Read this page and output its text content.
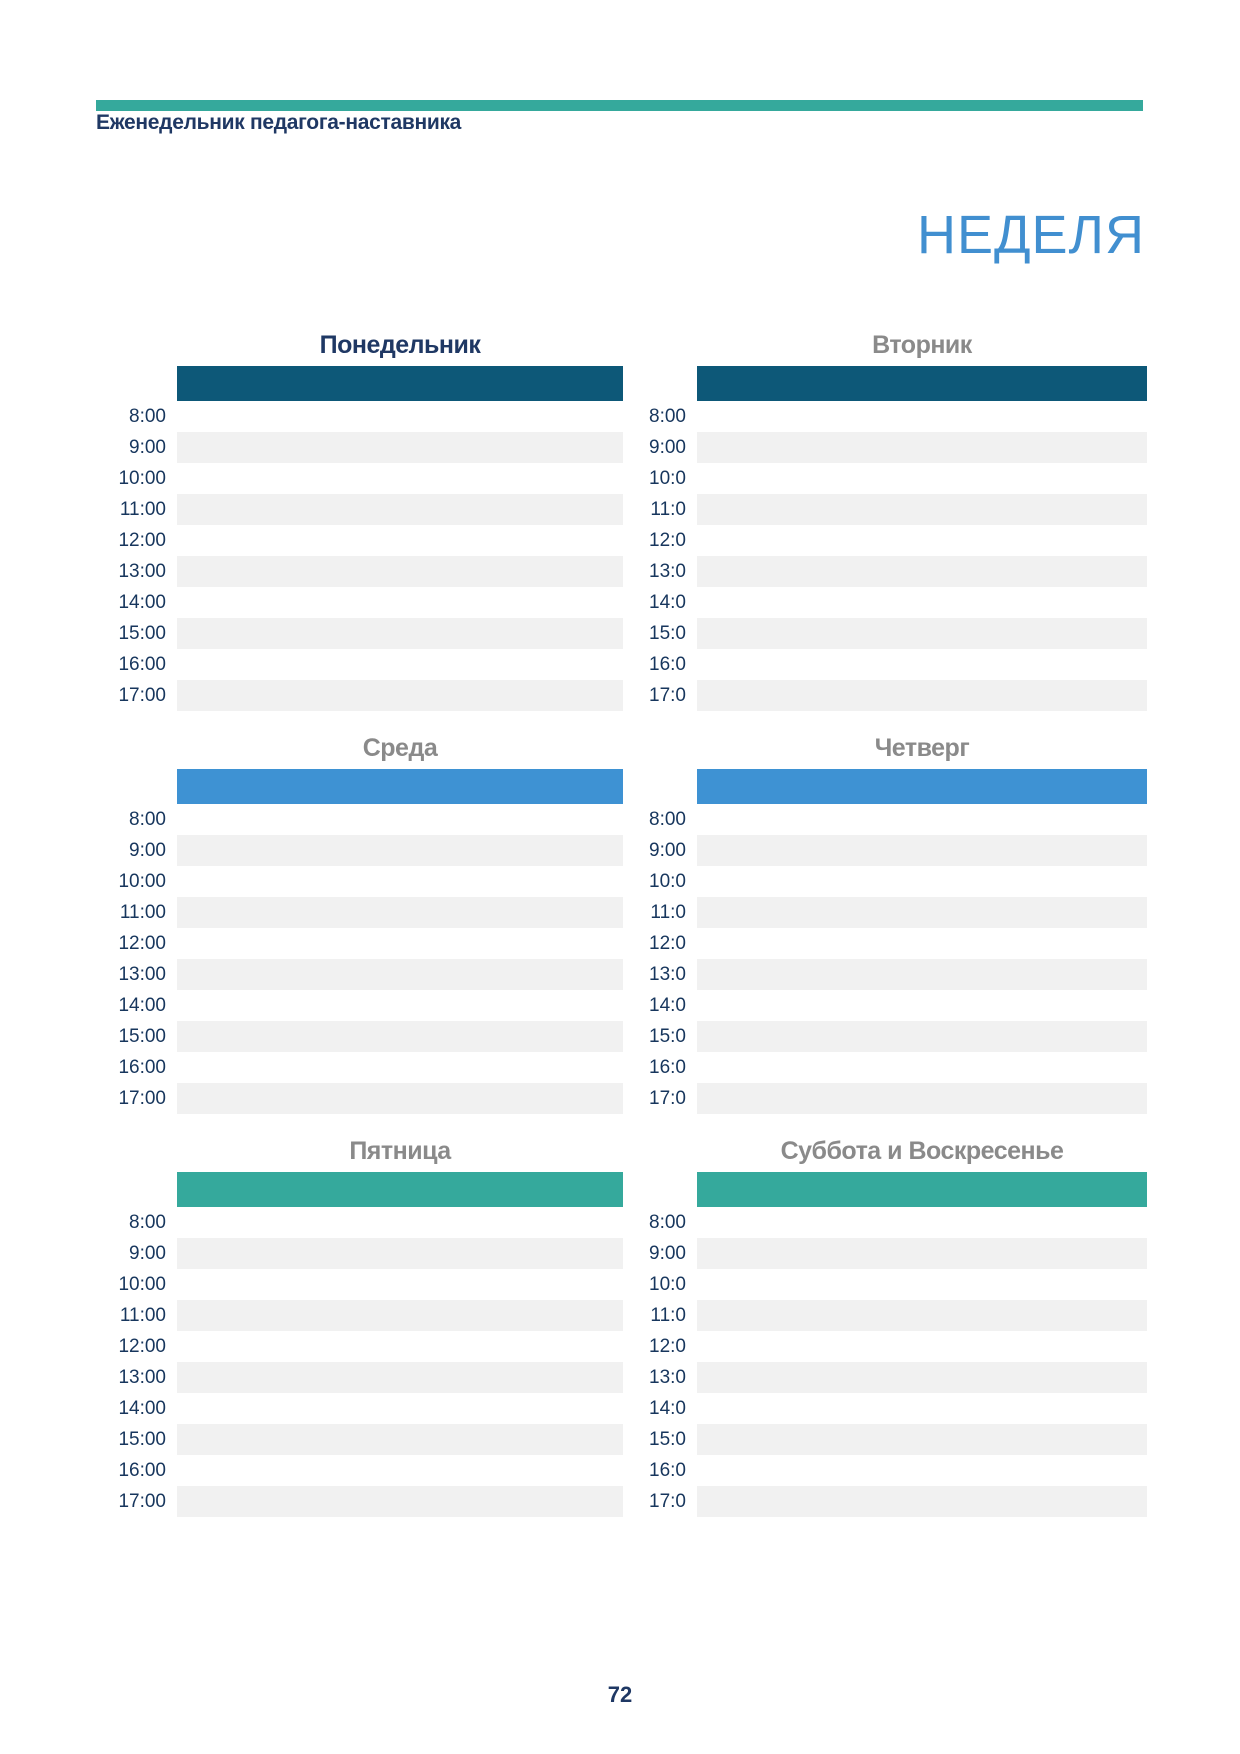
Еженедельник педагога-наставника
НЕДЕЛЯ
Понедельник
8:00
9:00
10:00
11:00
12:00
13:00
14:00
15:00
16:00
17:00
Вторник
8:00
9:00
10:0
11:0
12:0
13:0
14:0
15:0
16:0
17:0
Среда
8:00
9:00
10:00
11:00
12:00
13:00
14:00
15:00
16:00
17:00
Четверг
8:00
9:00
10:0
11:0
12:0
13:0
14:0
15:0
16:0
17:0
Пятница
8:00
9:00
10:00
11:00
12:00
13:00
14:00
15:00
16:00
17:00
Суббота и Воскресенье
8:00
9:00
10:0
11:0
12:0
13:0
14:0
15:0
16:0
17:0
72
